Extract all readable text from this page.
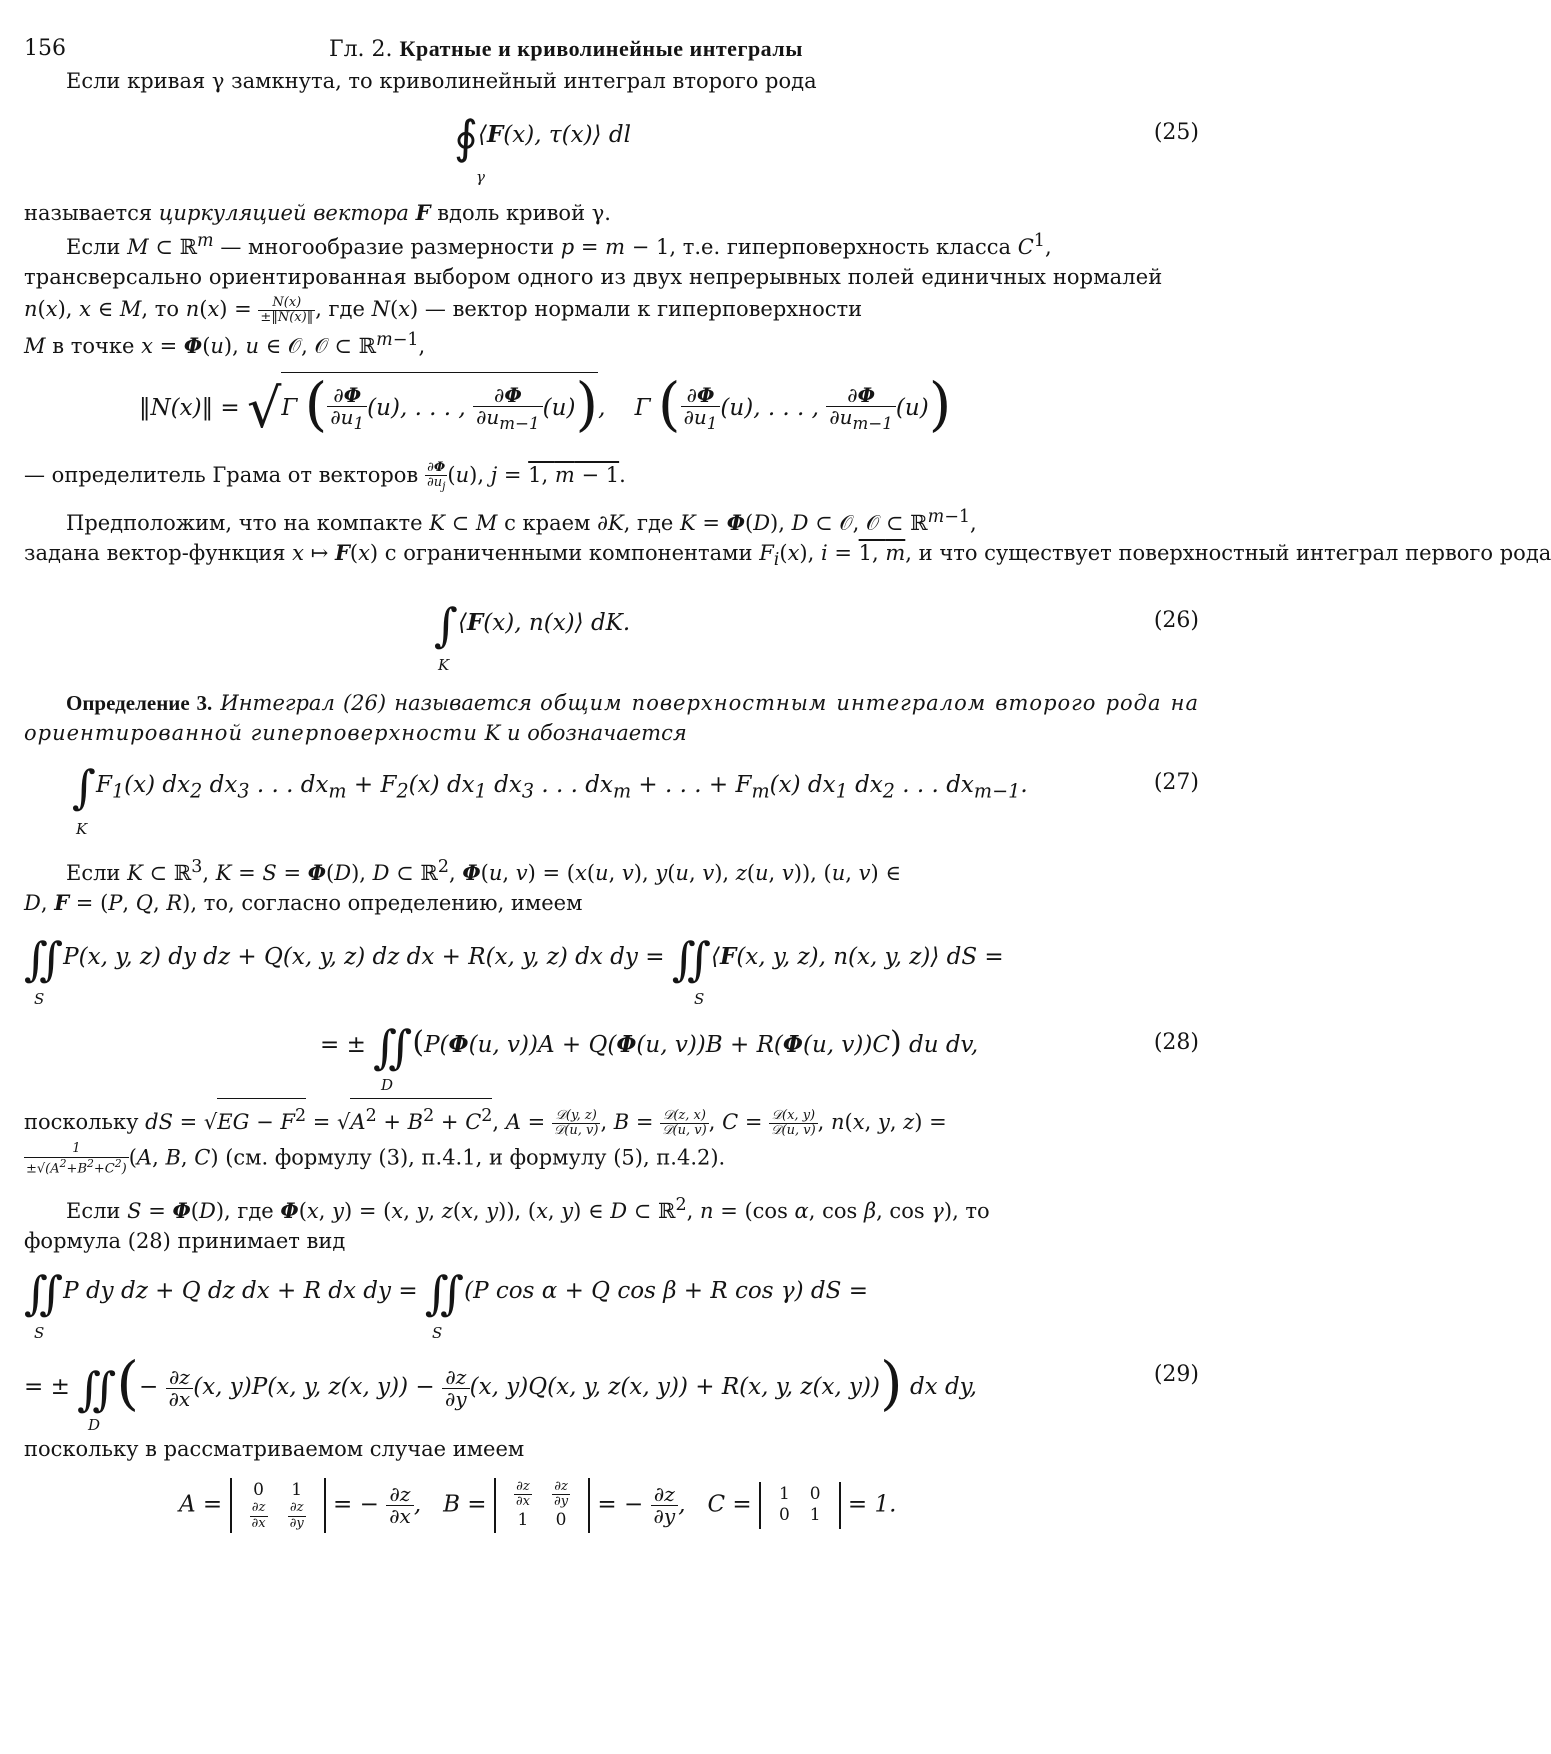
156	Гл. 2. Кратные и криволинейные интегралы
Если кривая γ замкнута, то криволинейный интеграл второго рода
∮⟨F(x), τ(x)⟩ dl
γ
(25)
называется циркуляцией вектора F вдоль кривой γ.
Если M ⊂ ℝ$^m$ — многообразие размерности p = m − 1, т.е. гиперповерхность класса $C^1$,
трансверсально ориентированная выбором одного из двух непрерывных полей единичных нормалей
n(x), x ∈ M, то $n(x) = \frac{N(x)}{\pm‖N(x)‖}$ , где N(x) — вектор нормали к гиперповерхности
M в точке x = Φ(u), u ∈ 𝒪, 𝒪 ⊂ ℝ$^{m-1}$,
‖N(x)‖ = √Γ ( $\frac{\partial\Phi}{\partial u_1} (u)$, . . . , $\frac{\partial\Phi}{\partial u_{m-1}} (u)$),    Γ ( $\frac{\partial\Phi}{\partial u_1} (u)$, . . . , $\frac{\partial\Phi}{\partial u_{m-1}} (u)$)
— определитель Грама от векторов $\frac{\partial\Phi}{\partial u_j} (u)$, j = 1, m − 1.
Предположим, что на компакте K ⊂ M с краем ∂K, где K = Φ(D), D ⊂ 𝒪, 𝒪 ⊂ ℝ$^{m-1}$,
задана вектор-функция x ↦ F(x) с ограниченными компонентами $F_i(x)$, i = 1, m, и что существует поверхностный интеграл первого рода
∫⟨F(x), n(x)⟩ dK.
K
(26)
Определение 3. Интеграл (26) называется общим поверхностным интегралом второго рода на ориентированной гиперповерхности K и обозначается
$\int F_1(x)$ $dx_2$ $dx_3$ . . . $dx_m + F_2(x)$ $dx_1$ $dx_3$ . . . $dx_m$ + . . . + $F_m(x)$ $dx_1$ $dx_2$ . . . $dx_{m-1}$.
K
(27)
Если K ⊂ ℝ$^3$, K = S = Φ(D), D ⊂ ℝ$^2$, Φ(u, v) = (x(u, v), y(u, v), z(u, v)), (u, v) ∈
D, F = (P, Q, R), то, согласно определению, имеем
∬P(x, y, z) dy dz + Q(x, y, z) dz dx + R(x, y, z) dx dy = ∬⟨F(x, y, z), n(x, y, z)⟩ dS =
S	S
= ± ∬(P(Φ(u, v))A + Q(Φ(u, v))B + R(Φ(u, v))C) du dv,
D
(28)
поскольку dS = $√EG - F^2 = √A^2 + B^2 + C^2$, A = 𝒟(y, z)
𝒟(u, v) , B = 𝒟(z, x)
𝒟(u, v) , C = 𝒟(x, y)
𝒟(u, v) , n(x, y, z) =
$\frac{1}{\pm√(A^2+B^2+C^2)} (A$, B, C) (см. формулу (3), п.4.1, и формулу (5), п.4.2).
Если S = Φ(D), где Φ(x, y) = (x, y, z(x, y)), (x, y) ∈ D ⊂ ℝ$^2$, n = (cos α, cos β, cos γ), то
формула (28) принимает вид
∬P dy dz + Q dz dx + R dx dy = ∬(P cos α + Q cos β + R cos γ) dS =
S	S
= ± ∬(− $\frac{\partial z}{\partial x} (x$, y)P(x, y, z(x, $y)) - \frac{\partial z}{\partial y} (x$, y)Q(x, y, z(x, y)) + R(x, y, z(x, y))) dx dy,
D
(29)
поскольку в рассматриваемом случае имеем
A =
0	1

$\frac{\partial z}{\partial x}$	$\frac{\partial z}{\partial y}$ = − $\frac{\partial z}{\partial x}$ ,   $B = \frac{\partial z}{\partial x}$	$\frac{\partial z}{\partial y}$

1	0
= − $\frac{\partial z}{\partial y}$ ,   C = 1	0
0	1 = 1.
